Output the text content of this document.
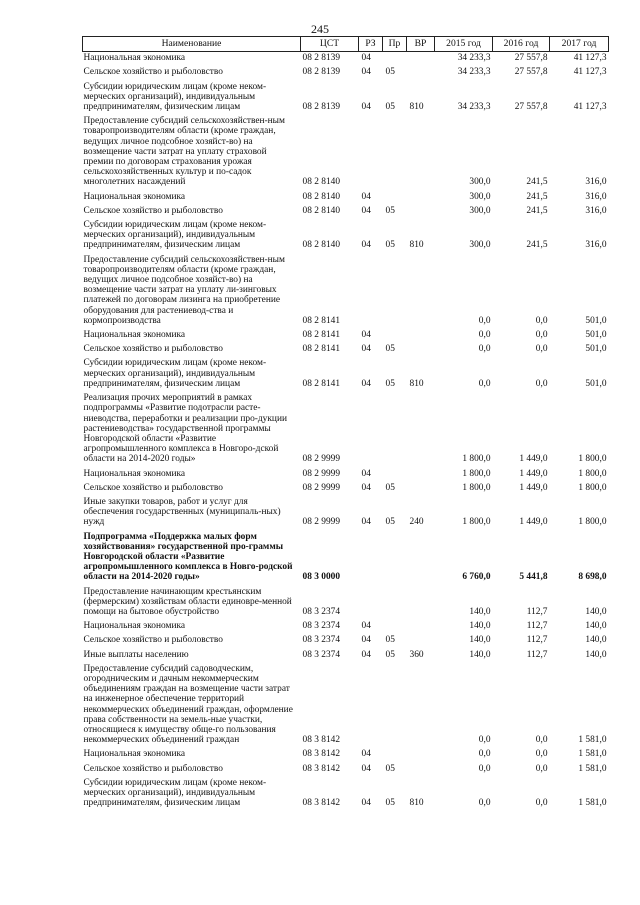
245
Наименование	ЦСТ	РЗ	Пр	ВР	2015 год	2016 год	2017 год
Национальная экономика	08 2 8139	04			34 233,3	27 557,8	41 127,3
Сельское хозяйство и рыболовство	08 2 8139	04	05		34 233,3	27 557,8	41 127,3
Субсидии юридическим лицам (кроме неком-мерческих организаций), индивидуальным предпринимателям, физическим лицам	08 2 8139	04	05	810	34 233,3	27 557,8	41 127,3
Предоставление субсидий сельскохозяйствен-ным товаропроизводителям области (кроме граждан, ведущих личное подсобное хозяйст-во) на возмещение части затрат на уплату страховой премии по договорам страхования урожая сельскохозяйственных культур и по-садок многолетних насаждений	08 2 8140				300,0	241,5	316,0
Национальная экономика	08 2 8140	04			300,0	241,5	316,0
Сельское хозяйство и рыболовство	08 2 8140	04	05		300,0	241,5	316,0
Субсидии юридическим лицам (кроме неком-мерческих организаций), индивидуальным предпринимателям, физическим лицам	08 2 8140	04	05	810	300,0	241,5	316,0
Предоставление субсидий сельскохозяйствен-ным товаропроизводителям области (кроме граждан, ведущих личное подсобное хозяйст-во) на возмещение части затрат на уплату ли-зинговых платежей по договорам лизинга на приобретение оборудования для растениевод-ства и кормопроизводства	08 2 8141				0,0	0,0	501,0
Национальная экономика	08 2 8141	04			0,0	0,0	501,0
Сельское хозяйство и рыболовство	08 2 8141	04	05		0,0	0,0	501,0
Субсидии юридическим лицам (кроме неком-мерческих организаций), индивидуальным предпринимателям, физическим лицам	08 2 8141	04	05	810	0,0	0,0	501,0
Реализация прочих мероприятий в рамках подпрограммы «Развитие подотрасли расте-ниеводства, переработки и реализации про-дукции растениеводства» государственной программы Новгородской области «Развитие агропромышленного комплекса в Новгоро-дской области на 2014-2020 годы»	08 2 9999				1 800,0	1 449,0	1 800,0
Национальная экономика	08 2 9999	04			1 800,0	1 449,0	1 800,0
Сельское хозяйство и рыболовство	08 2 9999	04	05		1 800,0	1 449,0	1 800,0
Иные закупки товаров, работ и услуг для обеспечения государственных (муниципаль-ных) нужд	08 2 9999	04	05	240	1 800,0	1 449,0	1 800,0
Подпрограмма «Поддержка малых форм хозяйствования» государственной про-граммы Новгородской области «Развитие агропромышленного комплекса в Новго-родской области на 2014-2020 годы»	08 3 0000				6 760,0	5 441,8	8 698,0
Предоставление начинающим крестьянским (фермерским) хозяйствам области единовре-менной помощи на бытовое обустройство	08 3 2374				140,0	112,7	140,0
Национальная экономика	08 3 2374	04			140,0	112,7	140,0
Сельское хозяйство и рыболовство	08 3 2374	04	05		140,0	112,7	140,0
Иные выплаты населению	08 3 2374	04	05	360	140,0	112,7	140,0
Предоставление субсидий садоводческим, огородническим и дачным некоммерческим объединениям граждан на возмещение части затрат на инженерное обеспечение территорий некоммерческих объединений граждан, оформление права собственности на земель-ные участки, относящиеся к имуществу обще-го пользования некоммерческих объединений граждан	08 3 8142				0,0	0,0	1 581,0
Национальная экономика	08 3 8142	04			0,0	0,0	1 581,0
Сельское хозяйство и рыболовство	08 3 8142	04	05		0,0	0,0	1 581,0
Субсидии юридическим лицам (кроме неком-мерческих организаций), индивидуальным предпринимателям, физическим лицам	08 3 8142	04	05	810	0,0	0,0	1 581,0
